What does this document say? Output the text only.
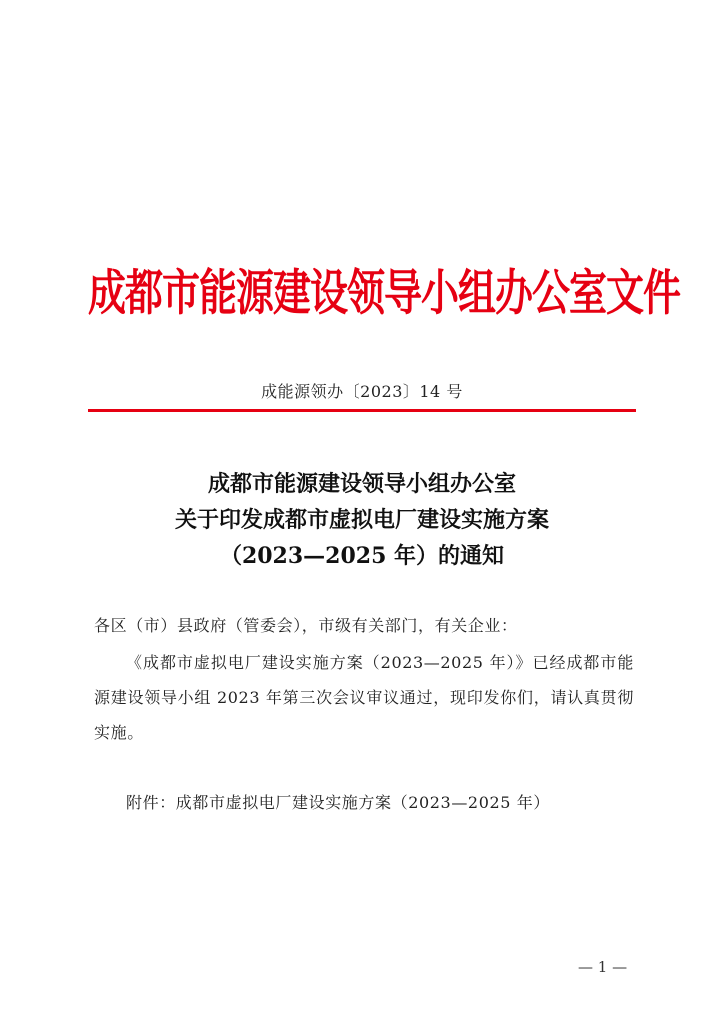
成都市能源建设领导小组办公室文件
成能源领办〔2023〕14 号
成都市能源建设领导小组办公室
关于印发成都市虚拟电厂建设实施方案
（2023—2025 年）的通知
各区（市）县政府（管委会），市级有关部门，有关企业：
《成都市虚拟电厂建设实施方案（2023—2025 年）》已经成都市能源建设领导小组 2023 年第三次会议审议通过，现印发你们，请认真贯彻实施。
附件：成都市虚拟电厂建设实施方案（2023—2025 年）
— 1 —
